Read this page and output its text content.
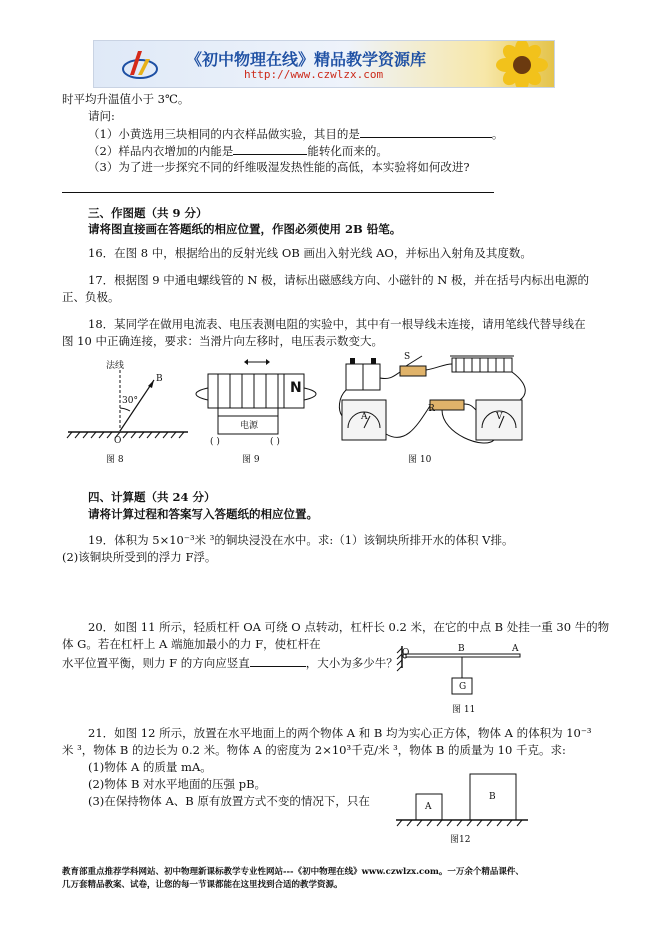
《初中物理在线》精品教学资源库
http://www.czwlzx.com
时平均升温值小于 3℃。
请问:
（1）小黄选用三块相同的内衣样品做实验，其目的是	。
（2）样品内衣增加的内能是	能转化而来的。
（3）为了进一步探究不同的纤维吸湿发热性能的高低，本实验将如何改进?
三、作图题（共 9 分）
请将图直接画在答题纸的相应位置，作图必须使用 2B 铅笔。
16．在图 8 中，根据给出的反射光线 OB 画出入射光线 AO，并标出入射角及其度数。
17．根据图 9 中通电螺线管的 N 极，请标出磁感线方向、小磁针的 N 极，并在括号内标出电源的
正、负极。
18．某同学在做用电流表、电压表测电阻的实验中，其中有一根导线未连接，请用笔线代替导线在
图 10 中正确连接，要求：当滑片向左移时，电压表示数变大。
法线
30°
B
O
图 8
N
电源
( )	( )
图 9
S
R
A	V
图 10
四、计算题（共 24 分）
请将计算过程和答案写入答题纸的相应位置。
19．体积为 5×10⁻³米 ³的铜块浸没在水中。求:（1）该铜块所排开水的体积 V排。
(2)该铜块所受到的浮力 F浮。
20．如图 11 所示，轻质杠杆 OA 可绕 O 点转动，杠杆长 0.2 米，在它的中点 B 处挂一重 30 牛的物
体 G。若在杠杆上 A 端施加最小的力 F，使杠杆在
水平位置平衡，则力 F 的方向应竖直	，大小为多少牛？
O	B	A
G
图 11
21．如图 12 所示，放置在水平地面上的两个物体 A 和 B 均为实心正方体，物体 A 的体积为 10⁻³
米 ³，物体 B 的边长为 0.2 米。物体 A 的密度为 2×10³千克/米 ³，物体 B 的质量为 10 千克。求:
(1)物体 A 的质量 mA。
(2)物体 B 对水平地面的压强 pB。
(3)在保持物体 A、B 原有放置方式不变的情况下，只在	A
B
图12
教育部重点推荐学科网站、初中物理新课标教学专业性网站---《初中物理在线》www.czwlzx.com。一万余个精品课件、
几万套精品教案、试卷，让您的每一节课都能在这里找到合适的教学资源。
